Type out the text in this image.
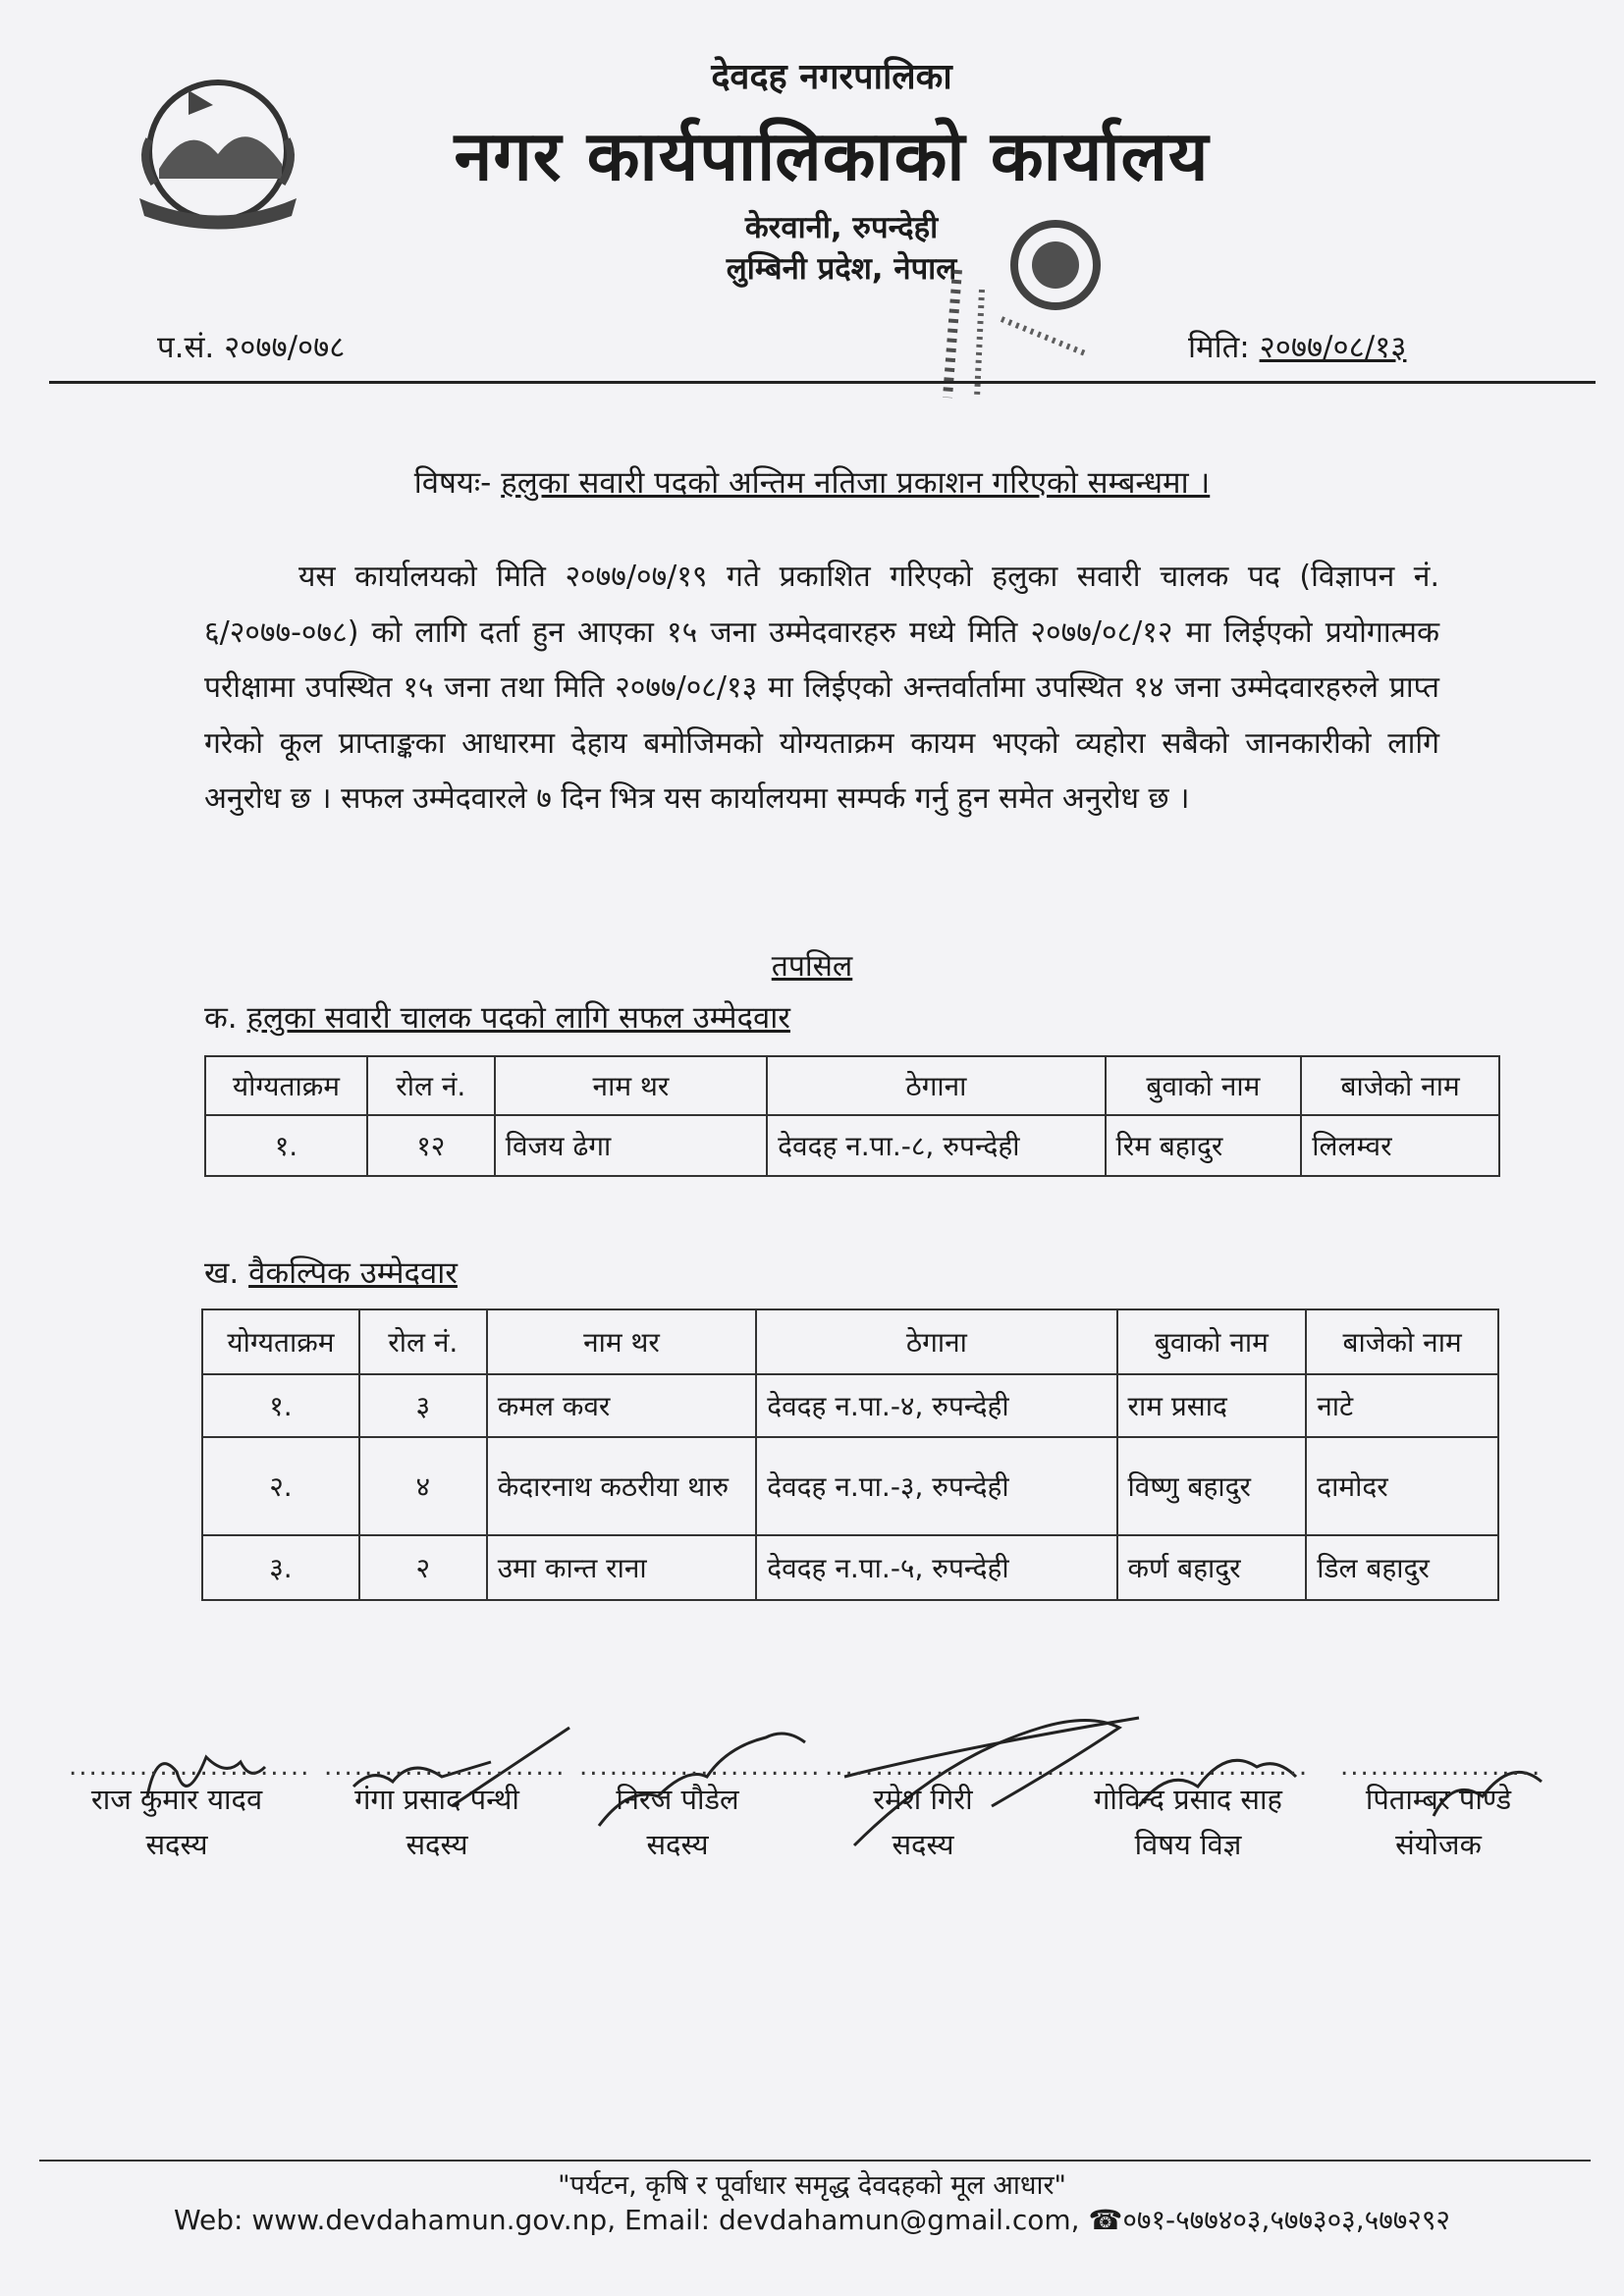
देवदह नगरपालिका
नगर कार्यपालिकाको कार्यालय
केरवानी, रुपन्देही
लुम्बिनी प्रदेश, नेपाल
प.सं. २०७७/०७८	मिति: २०७७/०८/१३
विषयः- हलुका सवारी पदको अन्तिम नतिजा प्रकाशन गरिएको सम्बन्धमा ।
यस कार्यालयको मिति २०७७/०७/१९ गते प्रकाशित गरिएको हलुका सवारी चालक पद (विज्ञापन नं. ६/२०७७-०७८) को लागि दर्ता हुन आएका १५ जना उम्मेदवारहरु मध्ये मिति २०७७/०८/१२ मा लिईएको प्रयोगात्मक परीक्षामा उपस्थित १५ जना तथा मिति २०७७/०८/१३ मा लिईएको अन्तर्वार्तामा उपस्थित १४ जना उम्मेदवारहरुले प्राप्त गरेको कूल प्राप्ताङ्कका आधारमा देहाय बमोजिमको योग्यताक्रम कायम भएको व्यहोरा सबैको जानकारीको लागि अनुरोध छ । सफल उम्मेदवारले ७ दिन भित्र यस कार्यालयमा सम्पर्क गर्नु हुन समेत अनुरोध छ ।
तपसिल
क. हलुका सवारी चालक पदको लागि सफल उम्मेदवार
योग्यताक्रम	रोल नं.	नाम थर	ठेगाना	बुवाको नाम	बाजेको नाम
१.	१२	विजय ढेगा	देवदह न.पा.-८, रुपन्देही	रिम बहादुर	लिलम्वर
ख. वैकल्पिक उम्मेदवार
योग्यताक्रम	रोल नं.	नाम थर	ठेगाना	बुवाको नाम	बाजेको नाम
१.	३	कमल कवर	देवदह न.पा.-४, रुपन्देही	राम प्रसाद	नाटे
२.	४	केदारनाथ कठरीया थारु	देवदह न.पा.-३, रुपन्देही	विष्णु बहादुर	दामोदर
३.	२	उमा कान्त राना	देवदह न.पा.-५, रुपन्देही	कर्ण बहादुर	डिल बहादुर
........................
राज कुमार यादव
सदस्य
........................
गंगा प्रसाद पन्थी
सदस्य
........................
निरज पौडेल
सदस्य
........................
रमेश गिरी
सदस्य
........................
गोविन्द प्रसाद साह
विषय विज्ञ
....................
पिताम्बर पाण्डे
संयोजक
"पर्यटन, कृषि र पूर्वाधार समृद्ध देवदहको मूल आधार"
Web: www.devdahamun.gov.np, Email: devdahamun@gmail.com, ☎०७१-५७७४०३,५७७३०३,५७७२९२
